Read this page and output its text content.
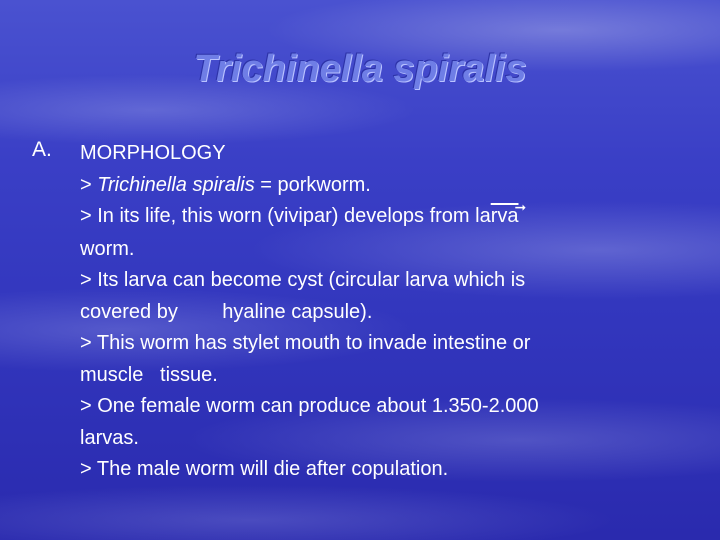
Trichinella spiralis
A. MORPHOLOGY
> Trichinella spiralis = porkworm.
> In its life, this worn (vivipar) develops from $la\overline{rva}^➞$
worm.
> Its larva can become cyst (circular larva which is
covered by        hyaline capsule).
> This worm has stylet mouth to invade intestine or
muscle   tissue.
> One female worm can produce about 1.350-2.000
larvas.
> The male worm will die after copulation.
